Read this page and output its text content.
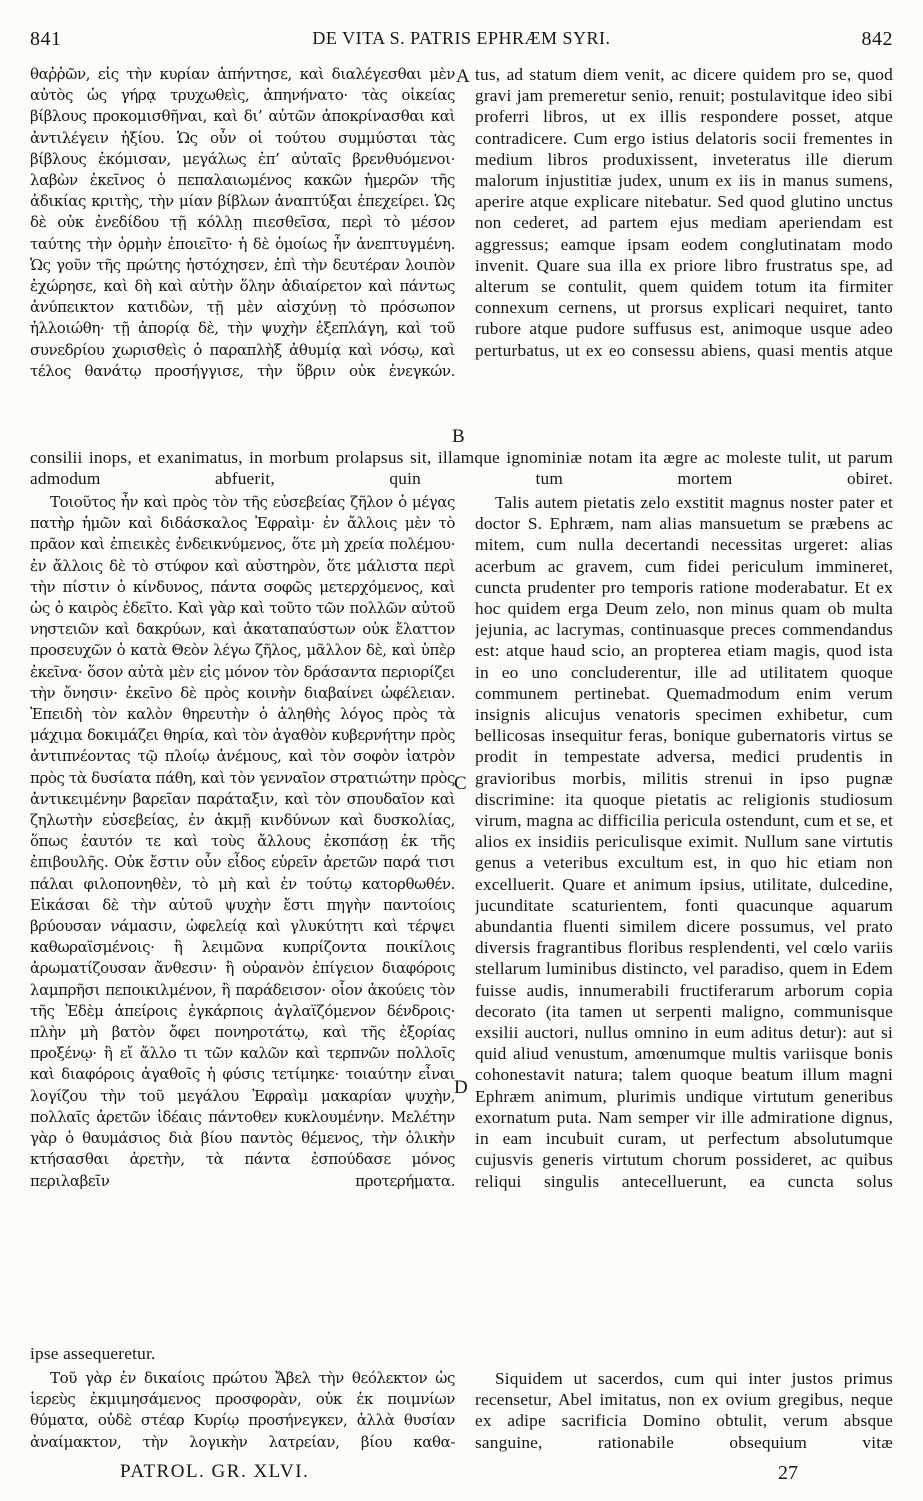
841	DE VITA S. PATRIS EPHRÆM SYRI.	842

θαῤῥῶν, εἰς τὴν κυρίαν ἀπήντησε, καὶ διαλέγεσθαι μὲν αὐτὸς ὡς γήρᾳ τρυχωθεὶς, ἀπηνήνατο· τὰς οἰκείας βίβλους προκομισθῆναι, καὶ δι’ αὐτῶν ἀποκρίνασθαι καὶ ἀντιλέγειν ἠξίου. Ὡς οὖν οἱ τούτου συμμύσται τὰς βίβλους ἐκόμισαν, μεγάλως ἐπ’ αὐταῖς βρενθυόμενοι· λαβὼν ἐκεῖνος ὁ πεπαλαιωμένος κακῶν ἡμερῶν τῆς ἀδικίας κριτὴς, τὴν μίαν βίβλων ἀναπτύξαι ἐπεχείρει. Ὡς δὲ οὐκ ἐνεδίδου τῇ κόλλῃ πιεσθεῖσα, περὶ τὸ μέσον ταύτης τὴν ὁρμὴν ἐποιεῖτο· ἡ δὲ ὁμοίως ἦν ἀνεπτυγμένη. Ὡς γοῦν τῆς πρώτης ἠστόχησεν, ἐπὶ τὴν δευτέραν λοιπὸν ἐχώρησε, καὶ δὴ καὶ αὐτὴν ὅλην ἀδιαίρετον καὶ πάντως ἀνύπεικτον κατιδὼν, τῇ μὲν αἰσχύνῃ τὸ πρόσωπον ἠλλοιώθη· τῇ ἀπορίᾳ δὲ, τὴν ψυχὴν ἐξεπλάγη, καὶ τοῦ συνεδρίου χωρισθεὶς ὁ παραπλὴξ ἀθυμίᾳ καὶ νόσῳ, καὶ τέλος θανάτῳ προσήγγισε, τὴν ὕβριν οὐκ ἐνεγκών.

A tus, ad statum diem venit, ac dicere quidem pro se, quod gravi jam premeretur senio, renuit; postulavitque ideo sibi proferri libros, ut ex illis respondere posset, atque contradicere. Cum ergo istius delatoris socii frementes in medium libros produxissent, inveteratus ille dierum malorum injustitiæ judex, unum ex iis in manus sumens, aperire atque explicare nitebatur. Sed quod glutino unctus non cederet, ad partem ejus mediam aperiendam est aggressus; eamque ipsam eodem conglutinatam modo invenit. Quare sua illa ex priore libro frustratus spe, ad alterum se contulit, quem quidem totum ita firmiter connexum cernens, ut prorsus explicari nequiret, tanto rubore atque pudore suffusus est, animoque usque adeo perturbatus, ut ex eo consessu abiens, quasi mentis atque

B

consilii inops, et exanimatus, in morbum prolapsus sit, illamque ignominiæ notam ita ægre ac moleste tulit, ut parum admodum abfuerit, quin tum mortem obiret.

Τοιοῦτος ἦν καὶ πρὸς τὸν τῆς εὐσεβείας ζῆλον ὁ μέγας πατὴρ ἡμῶν καὶ διδάσκαλος Ἐφραὶμ· ἐν ἄλλοις μὲν τὸ πρᾶον καὶ ἐπιεικὲς ἐνδεικνύμενος, ὅτε μὴ χρεία πολέμου· ἐν ἄλλοις δὲ τὸ στύφον καὶ αὐστηρὸν, ὅτε μάλιστα περὶ τὴν πίστιν ὁ κίνδυνος, πάντα σοφῶς μετερχόμενος, καὶ ὡς ὁ καιρὸς ἐδεῖτο. Καὶ γὰρ καὶ τοῦτο τῶν πολλῶν αὐτοῦ νηστειῶν καὶ δακρύων, καὶ ἀκαταπαύστων οὐκ ἔλαττον προσευχῶν ὁ κατὰ Θεὸν λέγω ζῆλος, μᾶλλον δὲ, καὶ ὑπὲρ ἐκεῖνα· ὅσον αὐτὰ μὲν εἰς μόνον τὸν δράσαντα περιορίζει τὴν ὄνησιν· ἐκεῖνο δὲ πρὸς κοινὴν διαβαίνει ὠφέλειαν. Ἐπειδὴ τὸν καλὸν θηρευτὴν ὁ ἀληθὴς λόγος πρὸς τὰ μάχιμα δοκιμάζει θηρία, καὶ τὸν ἀγαθὸν κυβερνήτην πρὸς ἀντιπνέοντας τῷ πλοίῳ ἀνέμους, καὶ τὸν σοφὸν ἰατρὸν πρὸς τὰ δυσίατα πάθη, καὶ τὸν γενναῖον στρατιώτην πρὸς ἀντικειμένην βαρεῖαν παράταξιν, καὶ τὸν σπουδαῖον καὶ ζηλωτὴν εὐσεβείας, ἐν ἀκμῇ κινδύνων καὶ δυσκολίας, ὅπως ἑαυτόν τε καὶ τοὺς ἄλλους ἐκσπάσῃ ἐκ τῆς ἐπιβουλῆς. Οὐκ ἔστιν οὖν εἶδος εὑρεῖν ἀρετῶν παρά τισι πάλαι φιλοπονηθὲν, τὸ μὴ καὶ ἐν τούτῳ κατορθωθέν. Εἰκάσαι δὲ τὴν αὐτοῦ ψυχὴν ἔστι πηγὴν παντοίοις βρύουσαν νάμασιν, ὠφελείᾳ καὶ γλυκύτητι καὶ τέρψει καθωραϊσμένοις· ἢ λειμῶνα κυπρίζοντα ποικίλοις ἀρωματίζουσαν ἄνθεσιν· ἢ οὐρανὸν ἐπίγειον διαφόροις λαμπρῆσι πεποικιλμένον, ἢ παράδεισον· οἷον ἀκούεις τὸν τῆς Ἐδὲμ ἀπείροις ἐγκάρποις ἀγλαϊζόμενον δένδροις· πλὴν μὴ βατὸν ὄφει πονηροτάτῳ, καὶ τῆς ἐξορίας προξένῳ· ἢ εἴ ἄλλο τι τῶν καλῶν καὶ τερπνῶν πολλοῖς καὶ διαφόροις ἀγαθοῖς ἡ φύσις τετίμηκε· τοιαύτην εἶναι λογίζου τὴν τοῦ μεγάλου Ἐφραὶμ μακαρίαν ψυχὴν, πολλαῖς ἀρετῶν ἰδέαις πάντοθεν κυκλουμένην. Μελέτην γὰρ ὁ θαυμάσιος διὰ βίου παντὸς θέμενος, τὴν ὁλικὴν κτήσασθαι ἀρετὴν, τὰ πάντα ἐσπούδασε μόνος περιλαβεῖν προτερήματα.

C
D

Talis autem pietatis zelo exstitit magnus noster pater et doctor S. Ephræm, nam alias mansuetum se præbens ac mitem, cum nulla decertandi necessitas urgeret: alias acerbum ac gravem, cum fidei periculum immineret, cuncta prudenter pro temporis ratione moderabatur. Et ex hoc quidem erga Deum zelo, non minus quam ob multa jejunia, ac lacrymas, continuasque preces commendandus est: atque haud scio, an propterea etiam magis, quod ista in eo uno concluderentur, ille ad utilitatem quoque communem pertinebat. Quemadmodum enim verum insignis alicujus venatoris specimen exhibetur, cum bellicosas insequitur feras, bonique gubernatoris virtus se prodit in tempestate adversa, medici prudentis in gravioribus morbis, militis strenui in ipso pugnæ discrimine: ita quoque pietatis ac religionis studiosum virum, magna ac difficilia pericula ostendunt, cum et se, et alios ex insidiis periculisque eximit. Nullum sane virtutis genus a veteribus excultum est, in quo hic etiam non excelluerit. Quare et animum ipsius, utilitate, dulcedine, jucunditate scaturientem, fonti quacunque aquarum abundantia fluenti similem dicere possumus, vel prato diversis fragrantibus floribus resplendenti, vel cœlo variis stellarum luminibus distincto, vel paradiso, quem in Edem fuisse audis, innumerabili fructiferarum arborum copia decorato (ita tamen ut serpenti maligno, communisque exsilii auctori, nullus omnino in eum aditus detur): aut si quid aliud venustum, amœnumque multis variisque bonis cohonestavit natura; talem quoque beatum illum magni Ephræm animum, plurimis undique virtutum generibus exornatum puta. Nam semper vir ille admiratione dignus, in eam incubuit curam, ut perfectum absolutumque cujusvis generis virtutum chorum possideret, ac quibus reliqui singulis antecelluerunt, ea cuncta solus

ipse assequeretur.

Τοῦ γὰρ ἐν δικαίοις πρώτου Ἄβελ τὴν θεόλεκτον ὡς ἱερεὺς ἐκμιμησάμενος προσφορὰν, οὐκ ἐκ ποιμνίων θύματα, οὐδὲ στέαρ Κυρίῳ προσήνεγκεν, ἀλλὰ θυσίαν ἀναίμακτον, τὴν λογικὴν λατρείαν, βίου καθα-

Siquidem ut sacerdos, cum qui inter justos primus recensetur, Abel imitatus, non ex ovium gregibus, neque ex adipe sacrificia Domino obtulit, verum absque sanguine, rationabile obsequium vitæ

PATROL. GR. XLVI.	27
